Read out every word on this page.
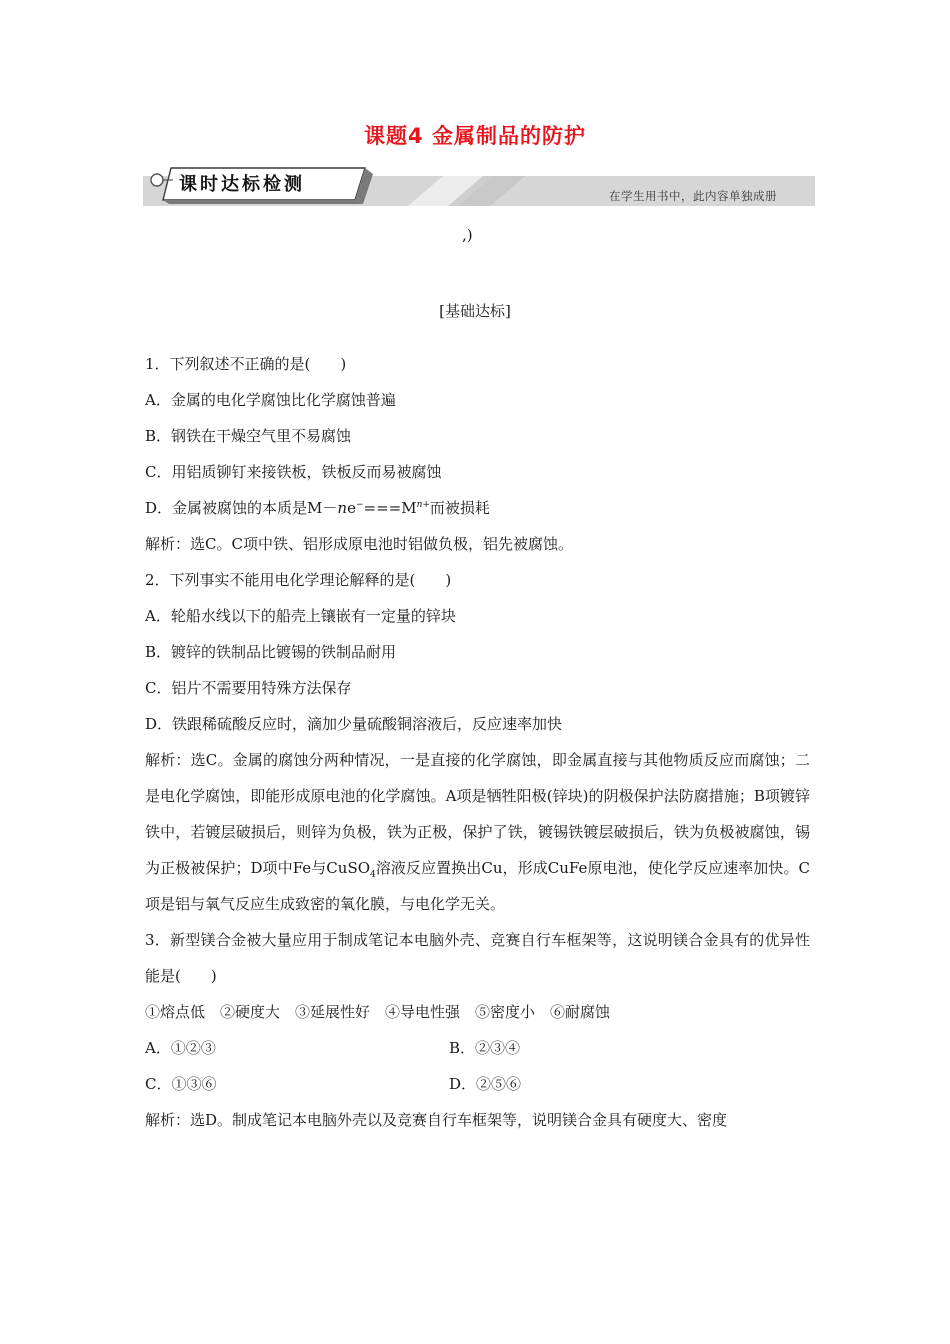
课题4 金属制品的防护
课时达标检测
在学生用书中，此内容单独成册
,)
[基础达标]
1．下列叙述不正确的是(　　)
A．金属的电化学腐蚀比化学腐蚀普遍
B．钢铁在干燥空气里不易腐蚀
C．用铝质铆钉来接铁板，铁板反而易被腐蚀
D．金属被腐蚀的本质是$M-ne^-===M^{n+}$而被损耗
解析：选C。C项中铁、铝形成原电池时铝做负极，铝先被腐蚀。
2．下列事实不能用电化学理论解释的是(　　)
A．轮船水线以下的船壳上镶嵌有一定量的锌块
B．镀锌的铁制品比镀锡的铁制品耐用
C．铝片不需要用特殊方法保存
D．铁跟稀硫酸反应时，滴加少量硫酸铜溶液后，反应速率加快
解析：选C。金属的腐蚀分两种情况，一是直接的化学腐蚀，即金属直接与其他物质反应而腐蚀；二是电化学腐蚀，即能形成原电池的化学腐蚀。A项是牺牲阳极(锌块)的阴极保护法防腐措施；B项镀锌铁中，若镀层破损后，则锌为负极，铁为正极，保护了铁，镀锡铁镀层破损后，铁为负极被腐蚀，锡为正极被保护；D项中Fe与CuSO$_4$溶液反应置换出Cu，形成CuFe原电池，使化学反应速率加快。C项是铝与氧气反应生成致密的氧化膜，与电化学无关。
3．新型镁合金被大量应用于制成笔记本电脑外壳、竞赛自行车框架等，这说明镁合金具有的优异性能是(　　)
①熔点低　②硬度大　③延展性好　④导电性强　⑤密度小　⑥耐腐蚀
A．①②③	B．②③④
C．①③⑥	D．②⑤⑥
解析：选D。制成笔记本电脑外壳以及竞赛自行车框架等，说明镁合金具有硬度大、密度
